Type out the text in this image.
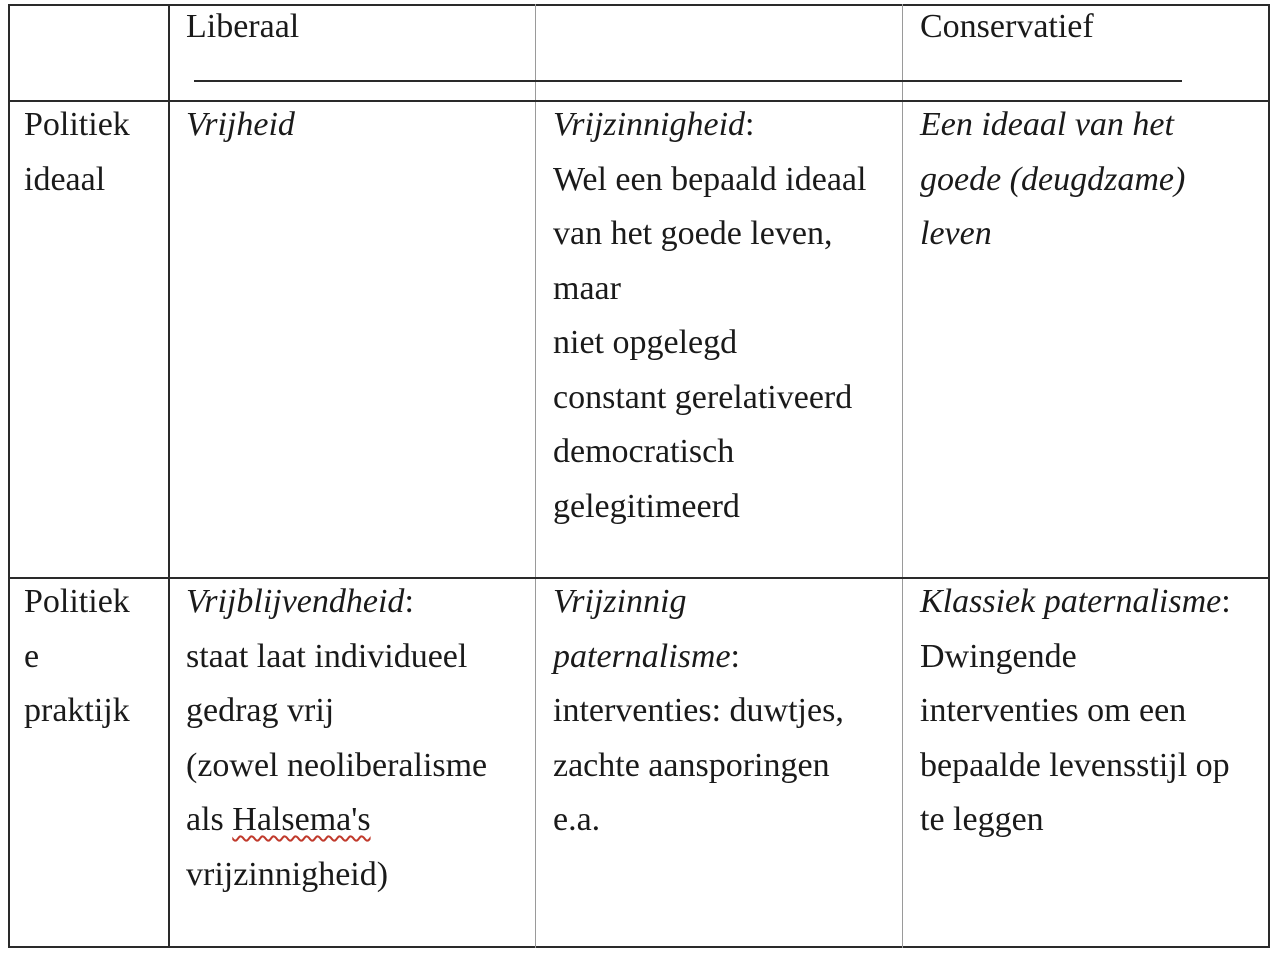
Liberaal	Conservatief
Politiek
ideaal
Vrijheid	Vrijzinnigheid:
Wel een bepaald ideaal
van het goede leven,
maar
niet opgelegd
constant gerelativeerd
democratisch
gelegitimeerd
Een ideaal van het
goede (deugdzame)
leven
Politiek
e
praktijk
Vrijblijvendheid:
staat laat individueel
gedrag vrij
(zowel neoliberalisme
als Halsema's
vrijzinnigheid)
Vrijzinnig
paternalisme:
interventies: duwtjes,
zachte aansporingen
e.a.
Klassiek paternalisme:
Dwingende
interventies om een
bepaalde levensstijl op
te leggen
